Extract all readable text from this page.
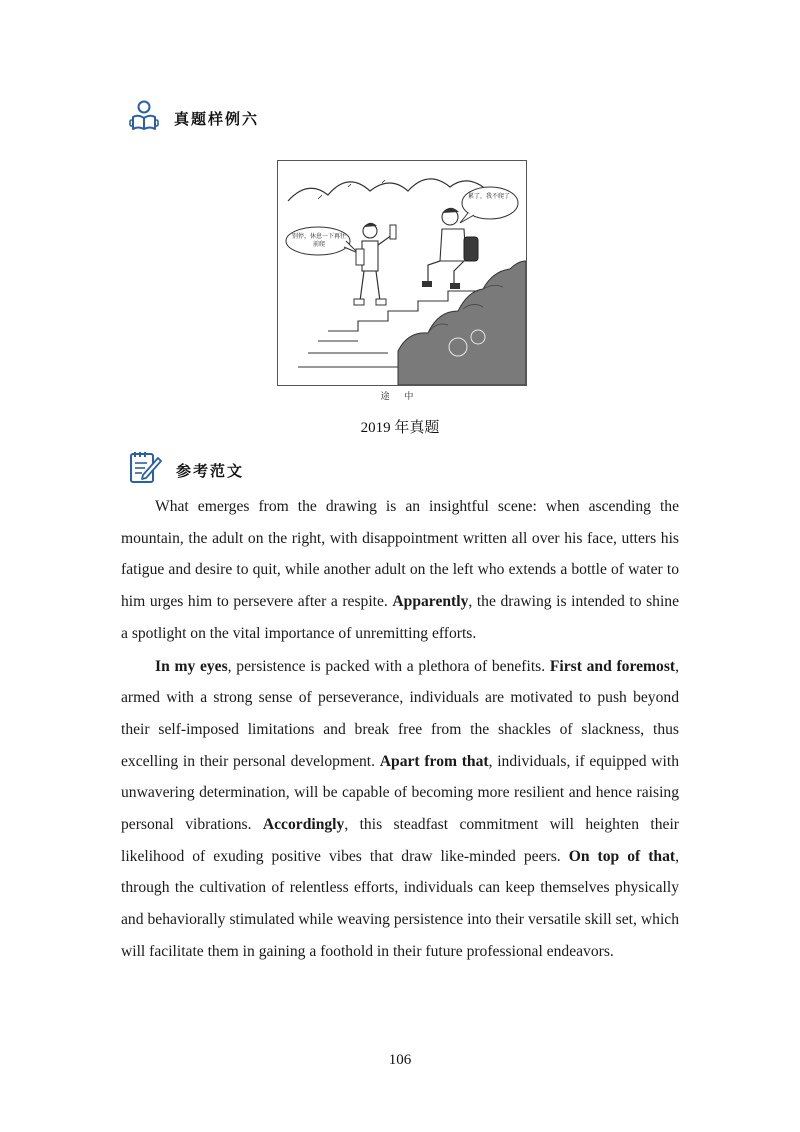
真题样例六
别停，休息一下再往前爬
累了，我不爬了
途 中
2019 年真题
参考范文

What emerges from the drawing is an insightful scene: when ascending the mountain, the adult on the right, with disappointment written all over his face, utters his fatigue and desire to quit, while another adult on the left who extends a bottle of water to him urges him to persevere after a respite. Apparently, the drawing is intended to shine a spotlight on the vital importance of unremitting efforts.

In my eyes, persistence is packed with a plethora of benefits. First and foremost, armed with a strong sense of perseverance, individuals are motivated to push beyond their self-imposed limitations and break free from the shackles of slackness, thus excelling in their personal development. Apart from that, individuals, if equipped with unwavering determination, will be capable of becoming more resilient and hence raising personal vibrations. Accordingly, this steadfast commitment will heighten their likelihood of exuding positive vibes that draw like-minded peers. On top of that, through the cultivation of relentless efforts, individuals can keep themselves physically and behaviorally stimulated while weaving persistence into their versatile skill set, which will facilitate them in gaining a foothold in their future professional endeavors.

106
